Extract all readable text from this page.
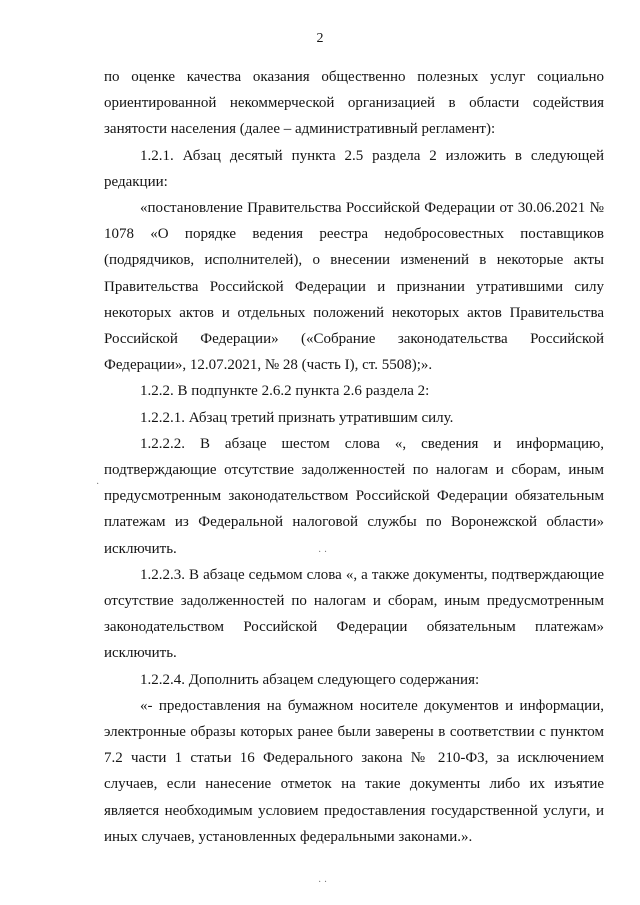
2

по оценке качества оказания общественно полезных услуг социально ориентированной некоммерческой организацией в области содействия занятости населения (далее – административный регламент):

1.2.1. Абзац десятый пункта 2.5 раздела 2 изложить в следующей редакции:

«постановление Правительства Российской Федерации от 30.06.2021 № 1078 «О порядке ведения реестра недобросовестных поставщиков (подрядчиков, исполнителей), о внесении изменений в некоторые акты Правительства Российской Федерации и признании утратившими силу некоторых актов и отдельных положений некоторых актов Правительства Российской Федерации» («Собрание законодательства Российской Федерации», 12.07.2021, № 28 (часть I), ст. 5508);».

1.2.2. В подпункте 2.6.2 пункта 2.6 раздела 2:

1.2.2.1. Абзац третий признать утратившим силу.

1.2.2.2. В абзаце шестом слова «, сведения и информацию, подтверждающие отсутствие задолженностей по налогам и сборам, иным предусмотренным законодательством Российской Федерации обязательным платежам из Федеральной налоговой службы по Воронежской области» исключить.

1.2.2.3. В абзаце седьмом слова «, а также документы, подтверждающие отсутствие задолженностей по налогам и сборам, иным предусмотренным законодательством Российской Федерации обязательным платежам» исключить.

1.2.2.4. Дополнить абзацем следующего содержания:

«- предоставления на бумажном носителе документов и информации, электронные образы которых ранее были заверены в соответствии с пунктом 7.2 части 1 статьи 16 Федерального закона № 210-ФЗ, за исключением случаев, если нанесение отметок на такие документы либо их изъятие является необходимым условием предоставления государственной услуги, и иных случаев, установленных федеральными законами.».

·
· ·
· ·
